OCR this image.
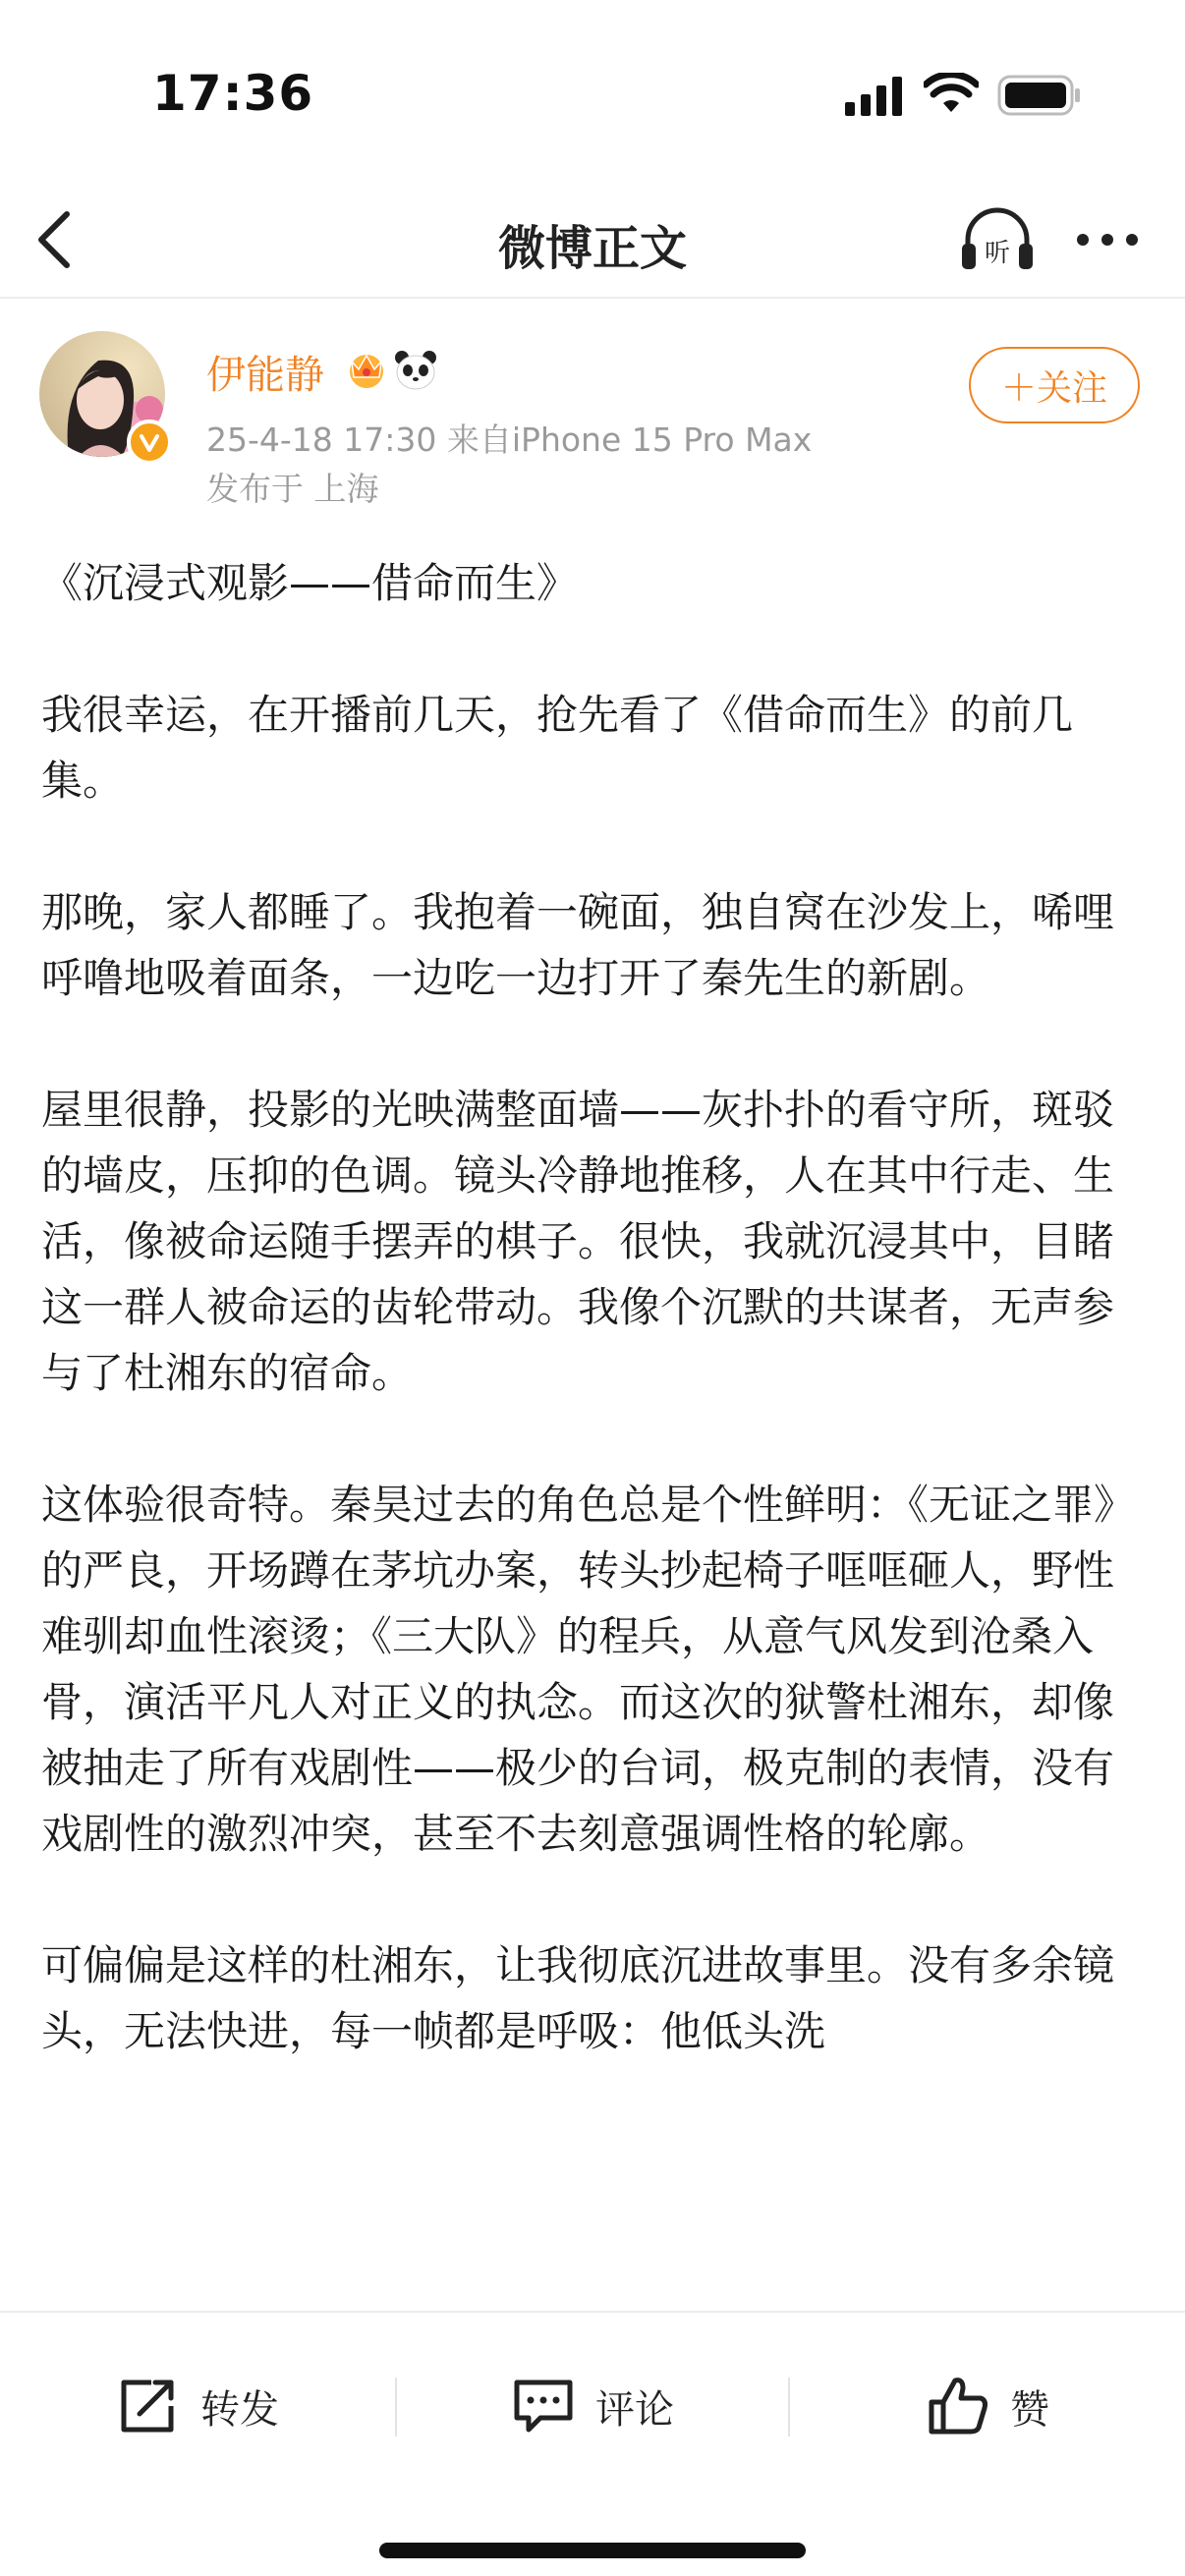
17:36
微博正文	听
伊能静
25-4-18 17:30 来自iPhone 15 Pro Max
发布于 上海
＋关注

《沉浸式观影——借命而生》

我很幸运，在开播前几天，抢先看了《借命而生》的前几集。

那晚，家人都睡了。我抱着一碗面，独自窝在沙发上，唏哩呼噜地吸着面条，一边吃一边打开了秦先生的新剧。

屋里很静，投影的光映满整面墙——灰扑扑的看守所，斑驳的墙皮，压抑的色调。镜头冷静地推移，人在其中行走、生活，像被命运随手摆弄的棋子。很快，我就沉浸其中，目睹这一群人被命运的齿轮带动。我像个沉默的共谋者，无声参与了杜湘东的宿命。

这体验很奇特。秦昊过去的角色总是个性鲜明：《无证之罪》的严良，开场蹲在茅坑办案，转头抄起椅子哐哐砸人，野性难驯却血性滚烫；《三大队》的程兵，从意气风发到沧桑入骨，演活平凡人对正义的执念。而这次的狱警杜湘东，却像被抽走了所有戏剧性——极少的台词，极克制的表情，没有戏剧性的激烈冲突，甚至不去刻意强调性格的轮廓。

可偏偏是这样的杜湘东，让我彻底沉进故事里。没有多余镜头，无法快进，每一帧都是呼吸：他低头洗

转发	评论	赞
